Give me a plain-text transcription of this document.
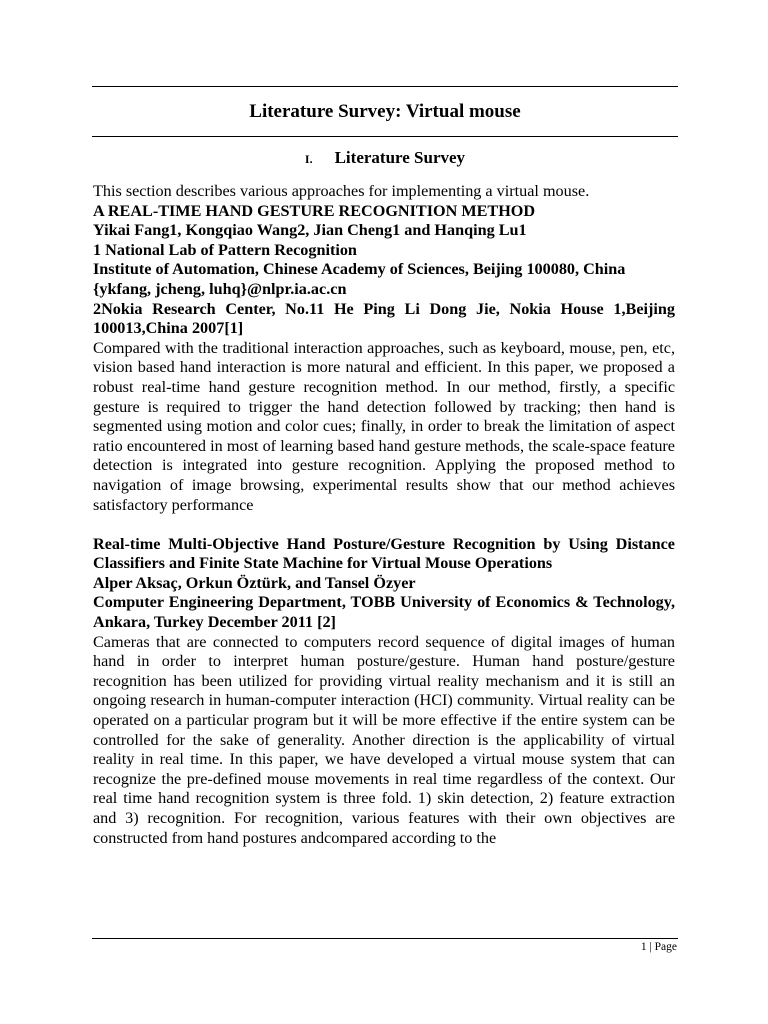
Literature Survey: Virtual mouse
I. Literature Survey

This section describes various approaches for implementing a virtual mouse.

A REAL-TIME HAND GESTURE RECOGNITION METHOD

Yikai Fang1, Kongqiao Wang2, Jian Cheng1 and Hanqing Lu1

1 National Lab of Pattern Recognition

Institute of Automation, Chinese Academy of Sciences, Beijing 100080, China

{ykfang, jcheng, luhq}@nlpr.ia.ac.cn

2Nokia Research Center, No.11 He Ping Li Dong Jie, Nokia House 1,Beijing 100013,China 2007[1]

Compared with the traditional interaction approaches, such as keyboard, mouse, pen, etc, vision based hand interaction is more natural and efficient. In this paper, we proposed a robust real-time hand gesture recognition method. In our method, firstly, a specific gesture is required to trigger the hand detection followed by tracking; then hand is segmented using motion and color cues; finally, in order to break the limitation of aspect ratio encountered in most of learning based hand gesture methods, the scale-space feature detection is integrated into gesture recognition. Applying the proposed method to navigation of image browsing, experimental results show that our method achieves satisfactory performance

Real-time Multi-Objective Hand Posture/Gesture Recognition by Using Distance Classifiers and Finite State Machine for Virtual Mouse Operations

Alper Aksaç, Orkun Öztürk, and Tansel Özyer

Computer Engineering Department, TOBB University of Economics & Technology, Ankara, Turkey December 2011 [2]

Cameras that are connected to computers record sequence of digital images of human hand in order to interpret human posture/gesture. Human hand posture/gesture recognition has been utilized for providing virtual reality mechanism and it is still an ongoing research in human-computer interaction (HCI) community. Virtual reality can be operated on a particular program but it will be more effective if the entire system can be controlled for the sake of generality. Another direction is the applicability of virtual reality in real time. In this paper, we have developed a virtual mouse system that can recognize the pre-defined mouse movements in real time regardless of the context. Our real time hand recognition system is three fold. 1) skin detection, 2) feature extraction and 3) recognition. For recognition, various features with their own objectives are constructed from hand postures andcompared according to the

1 | Page
